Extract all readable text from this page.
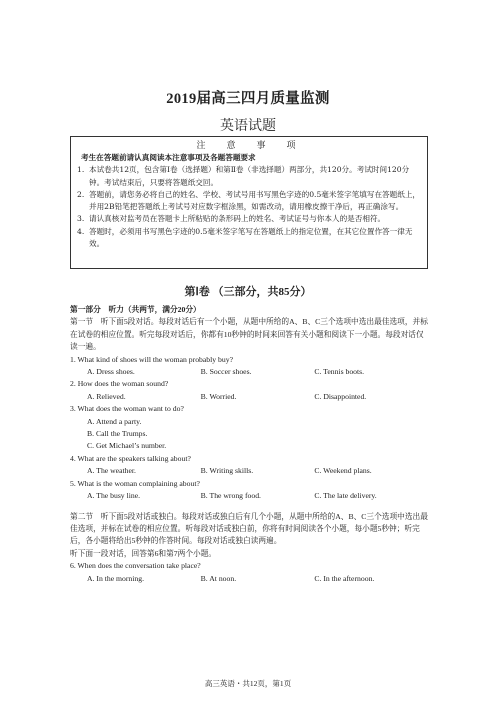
2019届高三四月质量监测
英语试题
注　意　事　项
考生在答题前请认真阅读本注意事项及各题答题要求
1. 本试卷共12页，包含第Ⅰ卷（选择题）和第Ⅱ卷（非选择题）两部分，共120分。考试时间120分钟。考试结束后，只要将答题纸交回。
2. 答题前，请您务必将自己的姓名、学校、考试号用书写黑色字迹的0.5毫米签字笔填写在答题纸上，并用2B铅笔把答题纸上考试号对应数字框涂黑，如需改动，请用橡皮擦干净后，再正确涂写。
3. 请认真核对监考员在答题卡上所粘贴的条形码上的姓名、考试证号与你本人的是否相符。
4. 答题时，必须用书写黑色字迹的0.5毫米签字笔写在答题纸上的指定位置，在其它位置作答一律无效。
第Ⅰ卷 （三部分，共85分）
第一部分　听力（共两节，满分20分）
第一节　听下面5段对话。每段对话后有一个小题，从题中所给的A、B、C三个选项中选出最佳选项，并标在试卷的相应位置。听完每段对话后，你都有10秒钟的时间来回答有关小题和阅读下一小题。每段对话仅读一遍。
1. What kind of shoes will the woman probably buy?
A. Dress shoes.	B. Soccer shoes.	C. Tennis boots.
2. How does the woman sound?
A. Relieved.	B. Worried.	C. Disappointed.
3. What does the woman want to do?
A. Attend a party.
B. Call the Trumps.
C. Get Michael’s number.
4. What are the speakers talking about?
A. The weather.	B. Writing skills.	C. Weekend plans.
5. What is the woman complaining about?
A. The busy line.	B. The wrong food.	C. The late delivery.
第二节　听下面5段对话或独白。每段对话或独白后有几个小题，从题中所给的A、B、C三个选项中选出最佳选项，并标在试卷的相应位置。听每段对话或独白前，你将有时间阅读各个小题，每小题5秒钟；听完后，各小题将给出5秒钟的作答时间。每段对话或独白读两遍。
听下面一段对话，回答第6和第7两个小题。
6. When does the conversation take place?
A. In the morning.	B. At noon.	C. In the afternoon.
高三英语・共12页，第1页
